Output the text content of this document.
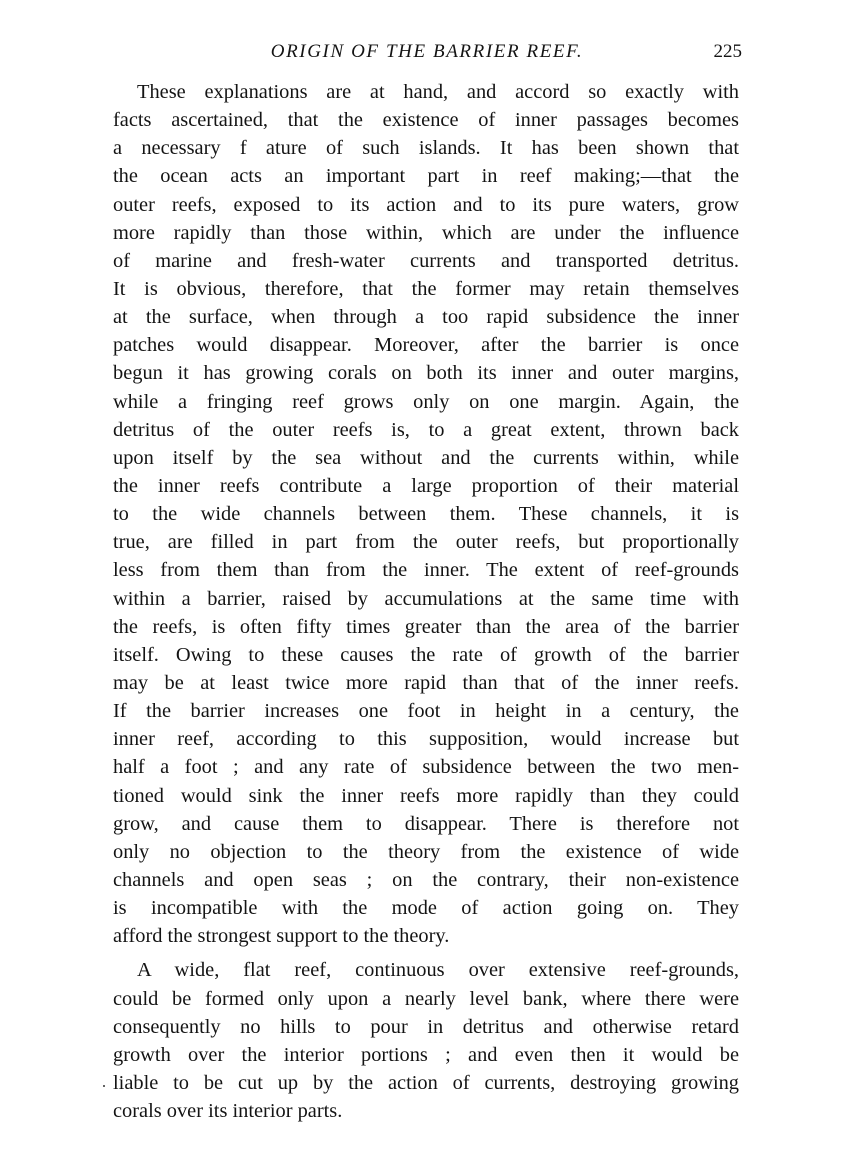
ORIGIN OF THE BARRIER REEF.	225
These explanations are at hand, and accord so exactly with
facts ascertained, that the existence of inner passages becomes
a necessary f ature of such islands. It has been shown that
the ocean acts an important part in reef making;—that the
outer reefs, exposed to its action and to its pure waters, grow
more rapidly than those within, which are under the influence
of marine and fresh-water currents and transported detritus.
It is obvious, therefore, that the former may retain themselves
at the surface, when through a too rapid subsidence the inner
patches would disappear. Moreover, after the barrier is once
begun it has growing corals on both its inner and outer margins,
while a fringing reef grows only on one margin. Again, the
detritus of the outer reefs is, to a great extent, thrown back
upon itself by the sea without and the currents within, while
the inner reefs contribute a large proportion of their material
to the wide channels between them. These channels, it is
true, are filled in part from the outer reefs, but proportionally
less from them than from the inner. The extent of reef-grounds
within a barrier, raised by accumulations at the same time with
the reefs, is often fifty times greater than the area of the barrier
itself. Owing to these causes the rate of growth of the barrier
may be at least twice more rapid than that of the inner reefs.
If the barrier increases one foot in height in a century, the
inner reef, according to this supposition, would increase but
half a foot ; and any rate of subsidence between the two men-
tioned would sink the inner reefs more rapidly than they could
grow, and cause them to disappear. There is therefore not
only no objection to the theory from the existence of wide
channels and open seas ; on the contrary, their non-existence
is incompatible with the mode of action going on. They
afford the strongest support to the theory.
A wide, flat reef, continuous over extensive reef-grounds,
could be formed only upon a nearly level bank, where there were
consequently no hills to pour in detritus and otherwise retard
growth over the interior portions ; and even then it would be
liable to be cut up by the action of currents, destroying growing
corals over its interior parts.
